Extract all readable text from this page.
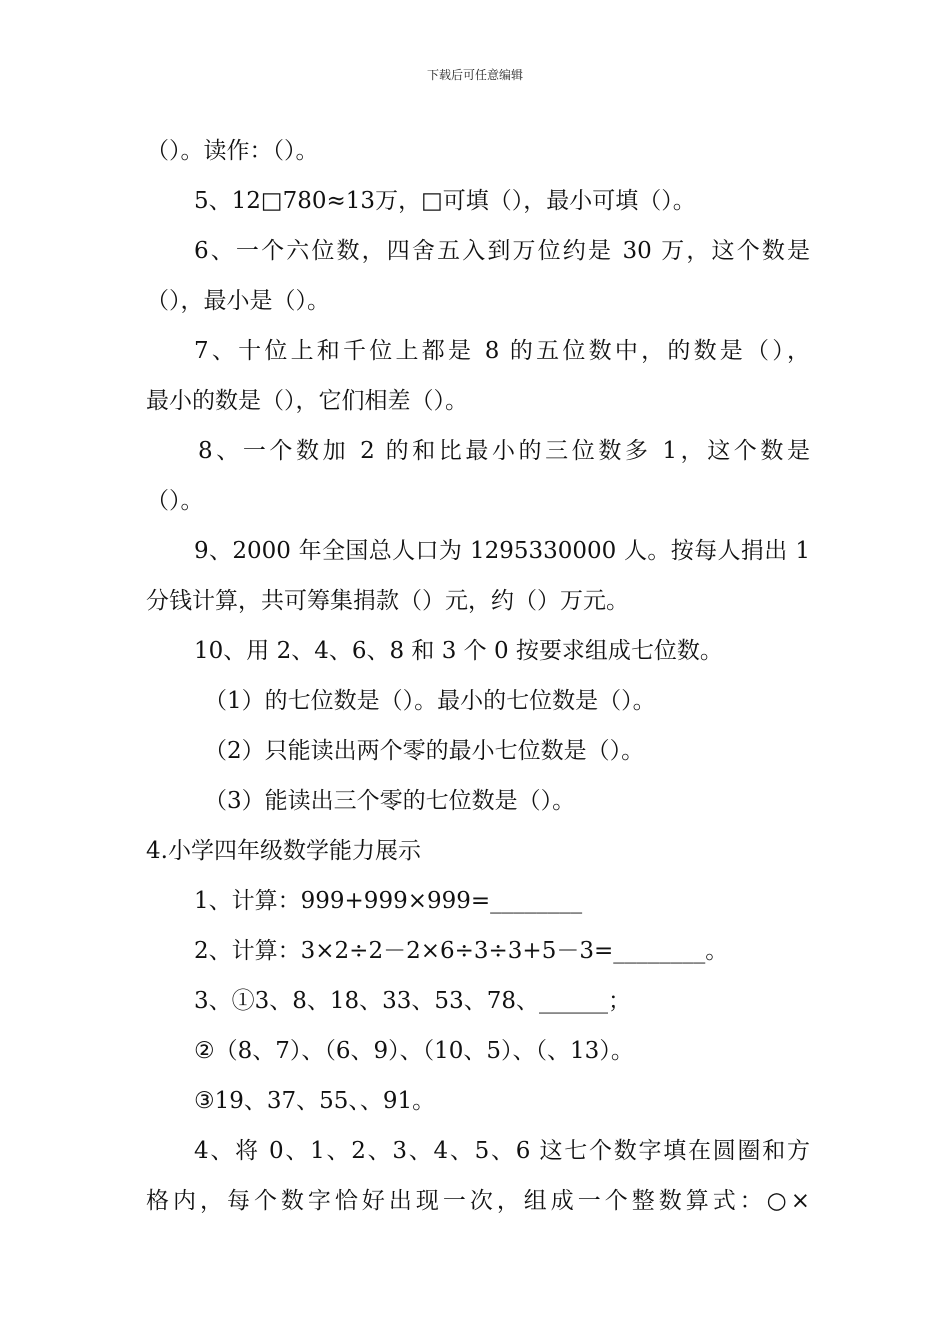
下载后可任意编辑
（）。读作：（）。
5、12□780≈13万，□可填（），最小可填（）。
6、一个六位数，四舍五入到万位约是 30 万，这个数是
（），最小是（）。
7、十位上和千位上都是 8 的五位数中，的数是（），
最小的数是（），它们相差（）。
8、一个数加 2 的和比最小的三位数多 1，这个数是
（）。
9、2000 年全国总人口为 1295330000 人。按每人捐出 1
分钱计算，共可筹集捐款（）元，约（）万元。
10、用 2、4、6、8 和 3 个 0 按要求组成七位数。
（1）的七位数是（）。最小的七位数是（）。
（2）只能读出两个零的最小七位数是（）。
（3）能读出三个零的七位数是（）。
4.小学四年级数学能力展示
1、计算：999+999×999=________
2、计算：3×2÷2－2×6÷3÷3+5－3=________。
3、①3、8、18、33、53、78、______；
②（8、7）、（6、9）、（10、5）、（、13）。
③19、37、55、、91。
4、将 0、1、2、3、4、5、6 这七个数字填在圆圈和方
格内，每个数字恰好出现一次，组成一个整数算式：○×
